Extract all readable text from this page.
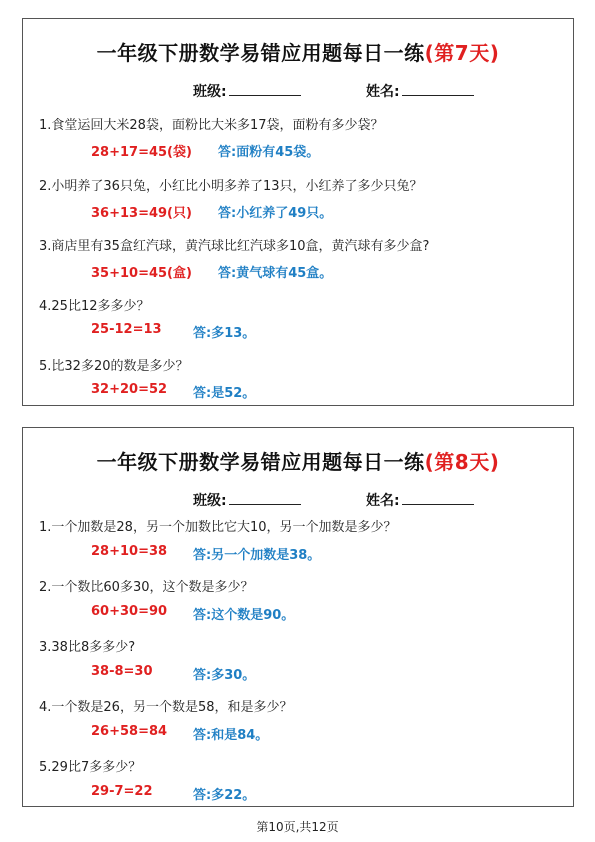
一年级下册数学易错应用题每日一练(第7天)
班级:	姓名:
1.食堂运回大米28袋，面粉比大米多17袋，面粉有多少袋？
28+17=45(袋) 答:面粉有45袋。
2.小明养了36只兔，小红比小明多养了13只，小红养了多少只兔？
36+13=49(只) 答:小红养了49只。
3.商店里有35盒红汽球，黄汽球比红汽球多10盒，黄汽球有多少盒?
35+10=45(盒) 答:黄气球有45盒。
4.25比12多多少？
25-12=13 答:多13。
5.比32多20的数是多少？
32+20=52 答:是52。
一年级下册数学易错应用题每日一练(第8天)
班级:	姓名:
1.一个加数是28，另一个加数比它大10，另一个加数是多少？
28+10=38 答:另一个加数是38。
2.一个数比60多30，这个数是多少？
60+30=90 答:这个数是90。
3.38比8多多少?
38-8=30	答:多30。
4.一个数是26，另一个数是58，和是多少？
26+58=84 答:和是84。
5.29比7多多少？
29-7=22	答:多22。
第10页,共12页
